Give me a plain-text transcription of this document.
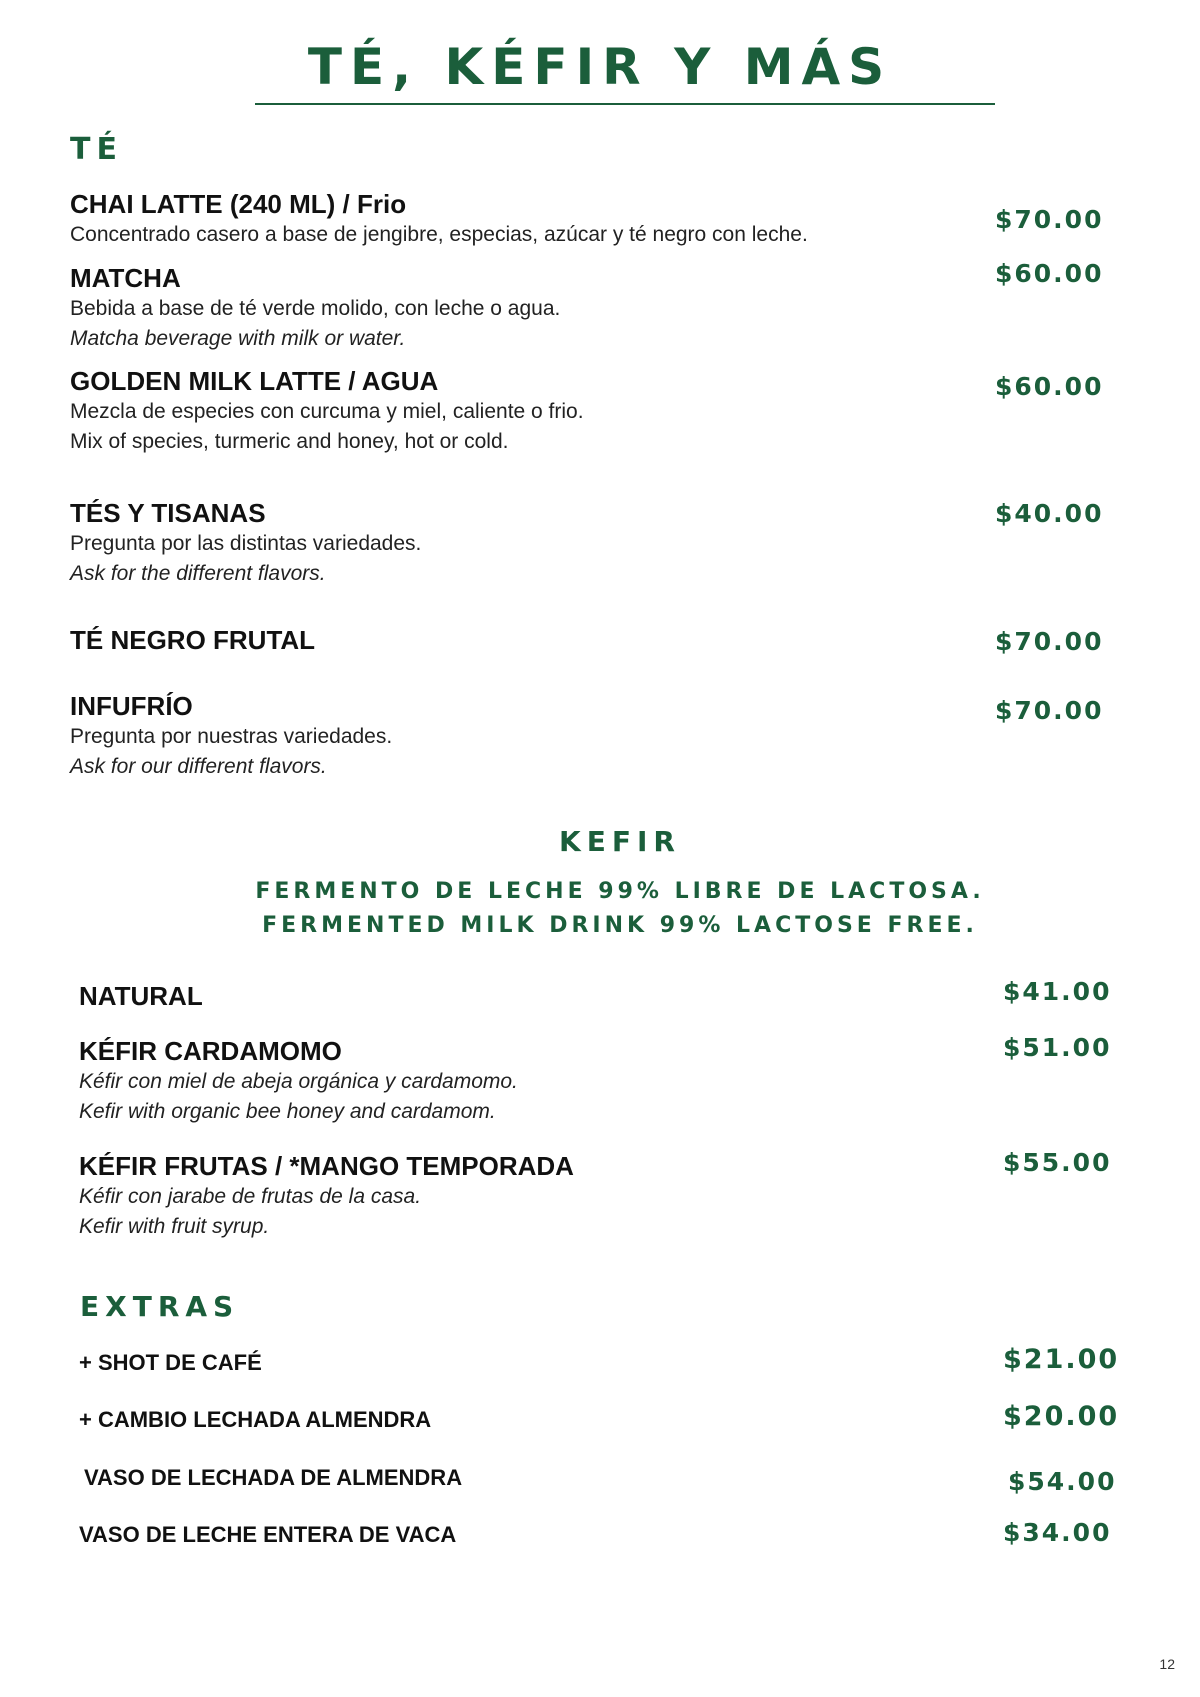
TÉ, KÉFIR Y MÁS
TÉ
CHAI LATTE (240 ML) / Frio
Concentrado casero a base de jengibre, especias, azúcar y té negro con leche.
$70.00
MATCHA
Bebida a base de té verde molido, con leche o agua.
Matcha beverage with milk or water.
$60.00
GOLDEN MILK LATTE / AGUA
Mezcla de especies con curcuma y miel, caliente o frio.
Mix of species, turmeric and honey, hot or cold.
$60.00
TÉS Y TISANAS
Pregunta por las distintas variedades.
Ask for the different flavors.
$40.00
TÉ NEGRO FRUTAL	$70.00
INFUFRÍO
Pregunta por nuestras variedades.
Ask for our different flavors.
$70.00
KEFIR
FERMENTO DE LECHE 99% LIBRE DE LACTOSA.
FERMENTED MILK DRINK 99% LACTOSE FREE.
NATURAL	$41.00
KÉFIR CARDAMOMO
Kéfir con miel de abeja orgánica y cardamomo.
Kefir with organic bee honey and cardamom.
$51.00
KÉFIR FRUTAS / *MANGO TEMPORADA
Kéfir con jarabe de frutas de la casa.
Kefir with fruit syrup.
$55.00
EXTRAS
+ SHOT DE CAFÉ	$21.00
+ CAMBIO LECHADA ALMENDRA	$20.00
VASO DE LECHADA DE ALMENDRA	$54.00
VASO DE LECHE ENTERA DE VACA	$34.00
12
